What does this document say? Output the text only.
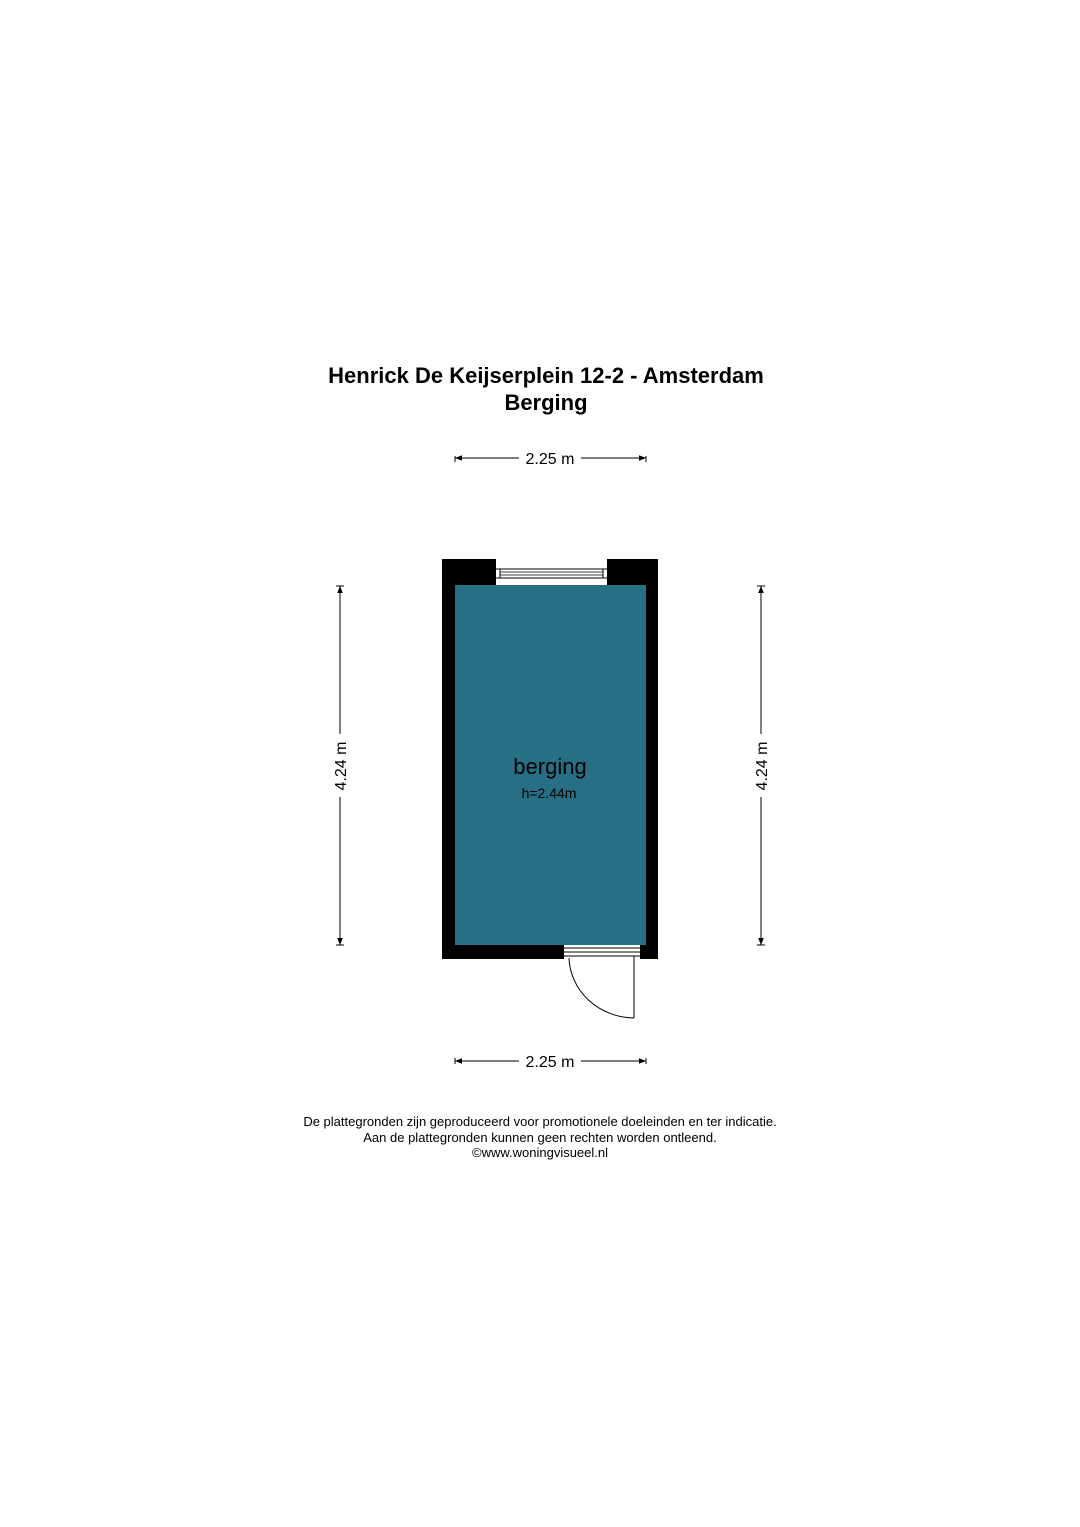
Henrick De Keijserplein 12-2 - Amsterdam
Berging
2.25 m
2.25 m
4.24 m	4.24 m
berging
h=2.44m
De plattegronden zijn geproduceerd voor promotionele doeleinden en ter indicatie.
Aan de plattegronden kunnen geen rechten worden ontleend.
©www.woningvisueel.nl
